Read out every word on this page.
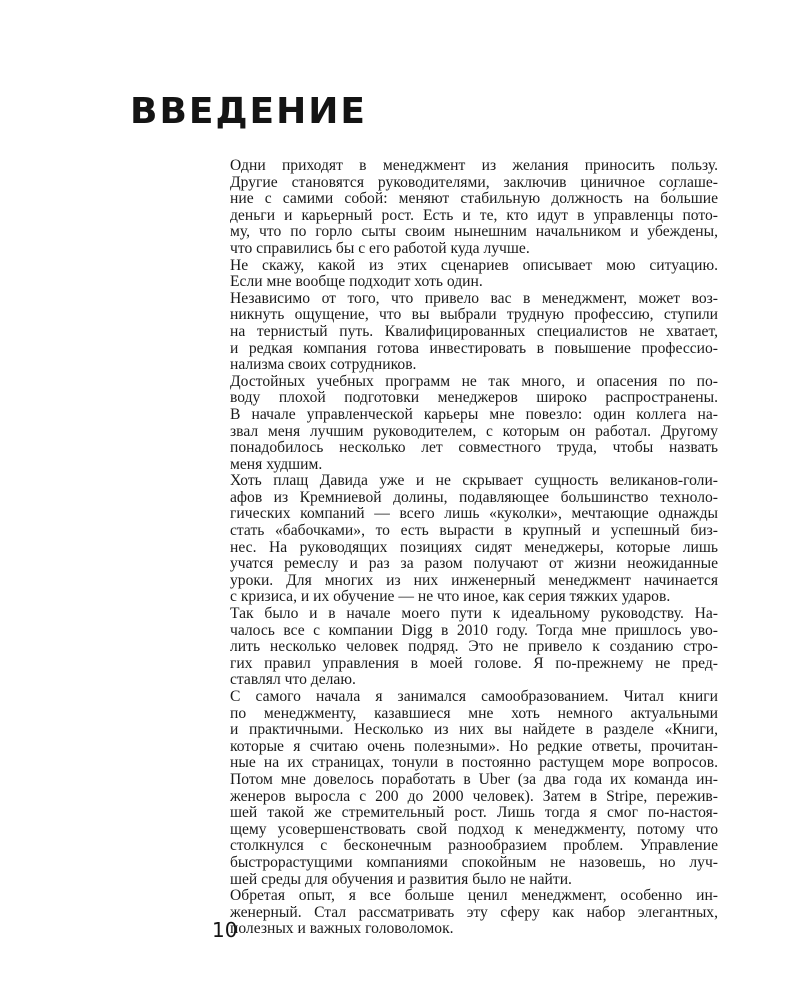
ВВЕДЕНИЕ

Одни приходят в менеджмент из желания приносить пользу.
Другие становятся руководителями, заключив циничное соглаше-
ние с самими собой: меняют стабильную должность на бо́льшие
деньги и карьерный рост. Есть и те, кто идут в управленцы пото-
му, что по горло сыты своим нынешним начальником и убеждены,
что справились бы с его работой куда лучше.

Не скажу, какой из этих сценариев описывает мою ситуацию.
Если мне вообще подходит хоть один.

Независимо от того, что привело вас в менеджмент, может воз-
никнуть ощущение, что вы выбрали трудную профессию, ступили
на тернистый путь. Квалифицированных специалистов не хватает,
и редкая компания готова инвестировать в повышение профессио-
нализма своих сотрудников.

Достойных учебных программ не так много, и опасения по по-
воду плохой подготовки менеджеров широко распространены.
В начале управленческой карьеры мне повезло: один коллега на-
звал меня лучшим руководителем, с которым он работал. Другому
понадобилось несколько лет совместного труда, чтобы назвать
меня худшим.

Хоть плащ Давида уже и не скрывает сущность великанов-голи-
афов из Кремниевой долины, подавляющее большинство техноло-
гических компаний — всего лишь «куколки», мечтающие однажды
стать «бабочками», то есть вырасти в крупный и успешный биз-
нес. На руководящих позициях сидят менеджеры, которые лишь
учатся ремеслу и раз за разом получают от жизни неожиданные
уроки. Для многих из них инженерный менеджмент начинается
с кризиса, и их обучение — не что иное, как серия тяжких ударов.

Так было и в начале моего пути к идеальному руководству. На-
чалось все с компании Digg в 2010 году. Тогда мне пришлось уво-
лить несколько человек подряд. Это не привело к созданию стро-
гих правил управления в моей голове. Я по-прежнему не пред-
ставлял что делаю.

С самого начала я занимался самообразованием. Читал книги
по менеджменту, казавшиеся мне хоть немного актуальными
и практичными. Несколько из них вы найдете в разделе «Книги,
которые я считаю очень полезными». Но редкие ответы, прочитан-
ные на их страницах, тонули в постоянно растущем море вопросов.
Потом мне довелось поработать в Uber (за два года их команда ин-
женеров выросла с 200 до 2000 человек). Затем в Stripe, пережив-
шей такой же стремительный рост. Лишь тогда я смог по-настоя-
щему усовершенствовать свой подход к менеджменту, потому что
столкнулся с бесконечным разнообразием проблем. Управление
быстрорастущими компаниями спокойным не назовешь, но луч-
шей среды для обучения и развития было не найти.

Обретая опыт, я все больше ценил менеджмент, особенно ин-
женерный. Стал рассматривать эту сферу как набор элегантных,
полезных и важных головоломок.

10
